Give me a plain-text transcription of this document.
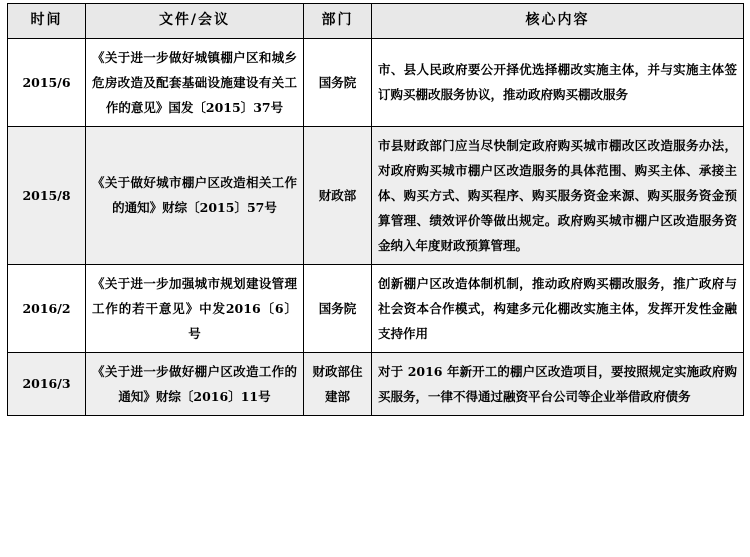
时间	文件/会议	部门	核心内容
2015/6	《关于进一步做好城镇棚户区和城乡危房改造及配套基础设施建设有关工作的意见》国发〔2015〕37号	国务院	市、县人民政府要公开择优选择棚改实施主体，并与实施主体签订购买棚改服务协议，推动政府购买棚改服务
2015/8	《关于做好城市棚户区改造相关工作的通知》财综〔2015〕57号	财政部	市县财政部门应当尽快制定政府购买城市棚改区改造服务办法，对政府购买城市棚户区改造服务的具体范围、购买主体、承接主体、购买方式、购买程序、购买服务资金来源、购买服务资金预算管理、绩效评价等做出规定。政府购买城市棚户区改造服务资金纳入年度财政预算管理。
2016/2	《关于进一步加强城市规划建设管理工作的若干意见》中发2016〔6〕号	国务院	创新棚户区改造体制机制，推动政府购买棚改服务，推广政府与社会资本合作模式，构建多元化棚改实施主体，发挥开发性金融支持作用
2016/3	《关于进一步做好棚户区改造工作的通知》财综〔2016〕11号	财政部住建部	对于 2016 年新开工的棚户区改造项目，要按照规定实施政府购买服务，一律不得通过融资平台公司等企业举借政府债务
